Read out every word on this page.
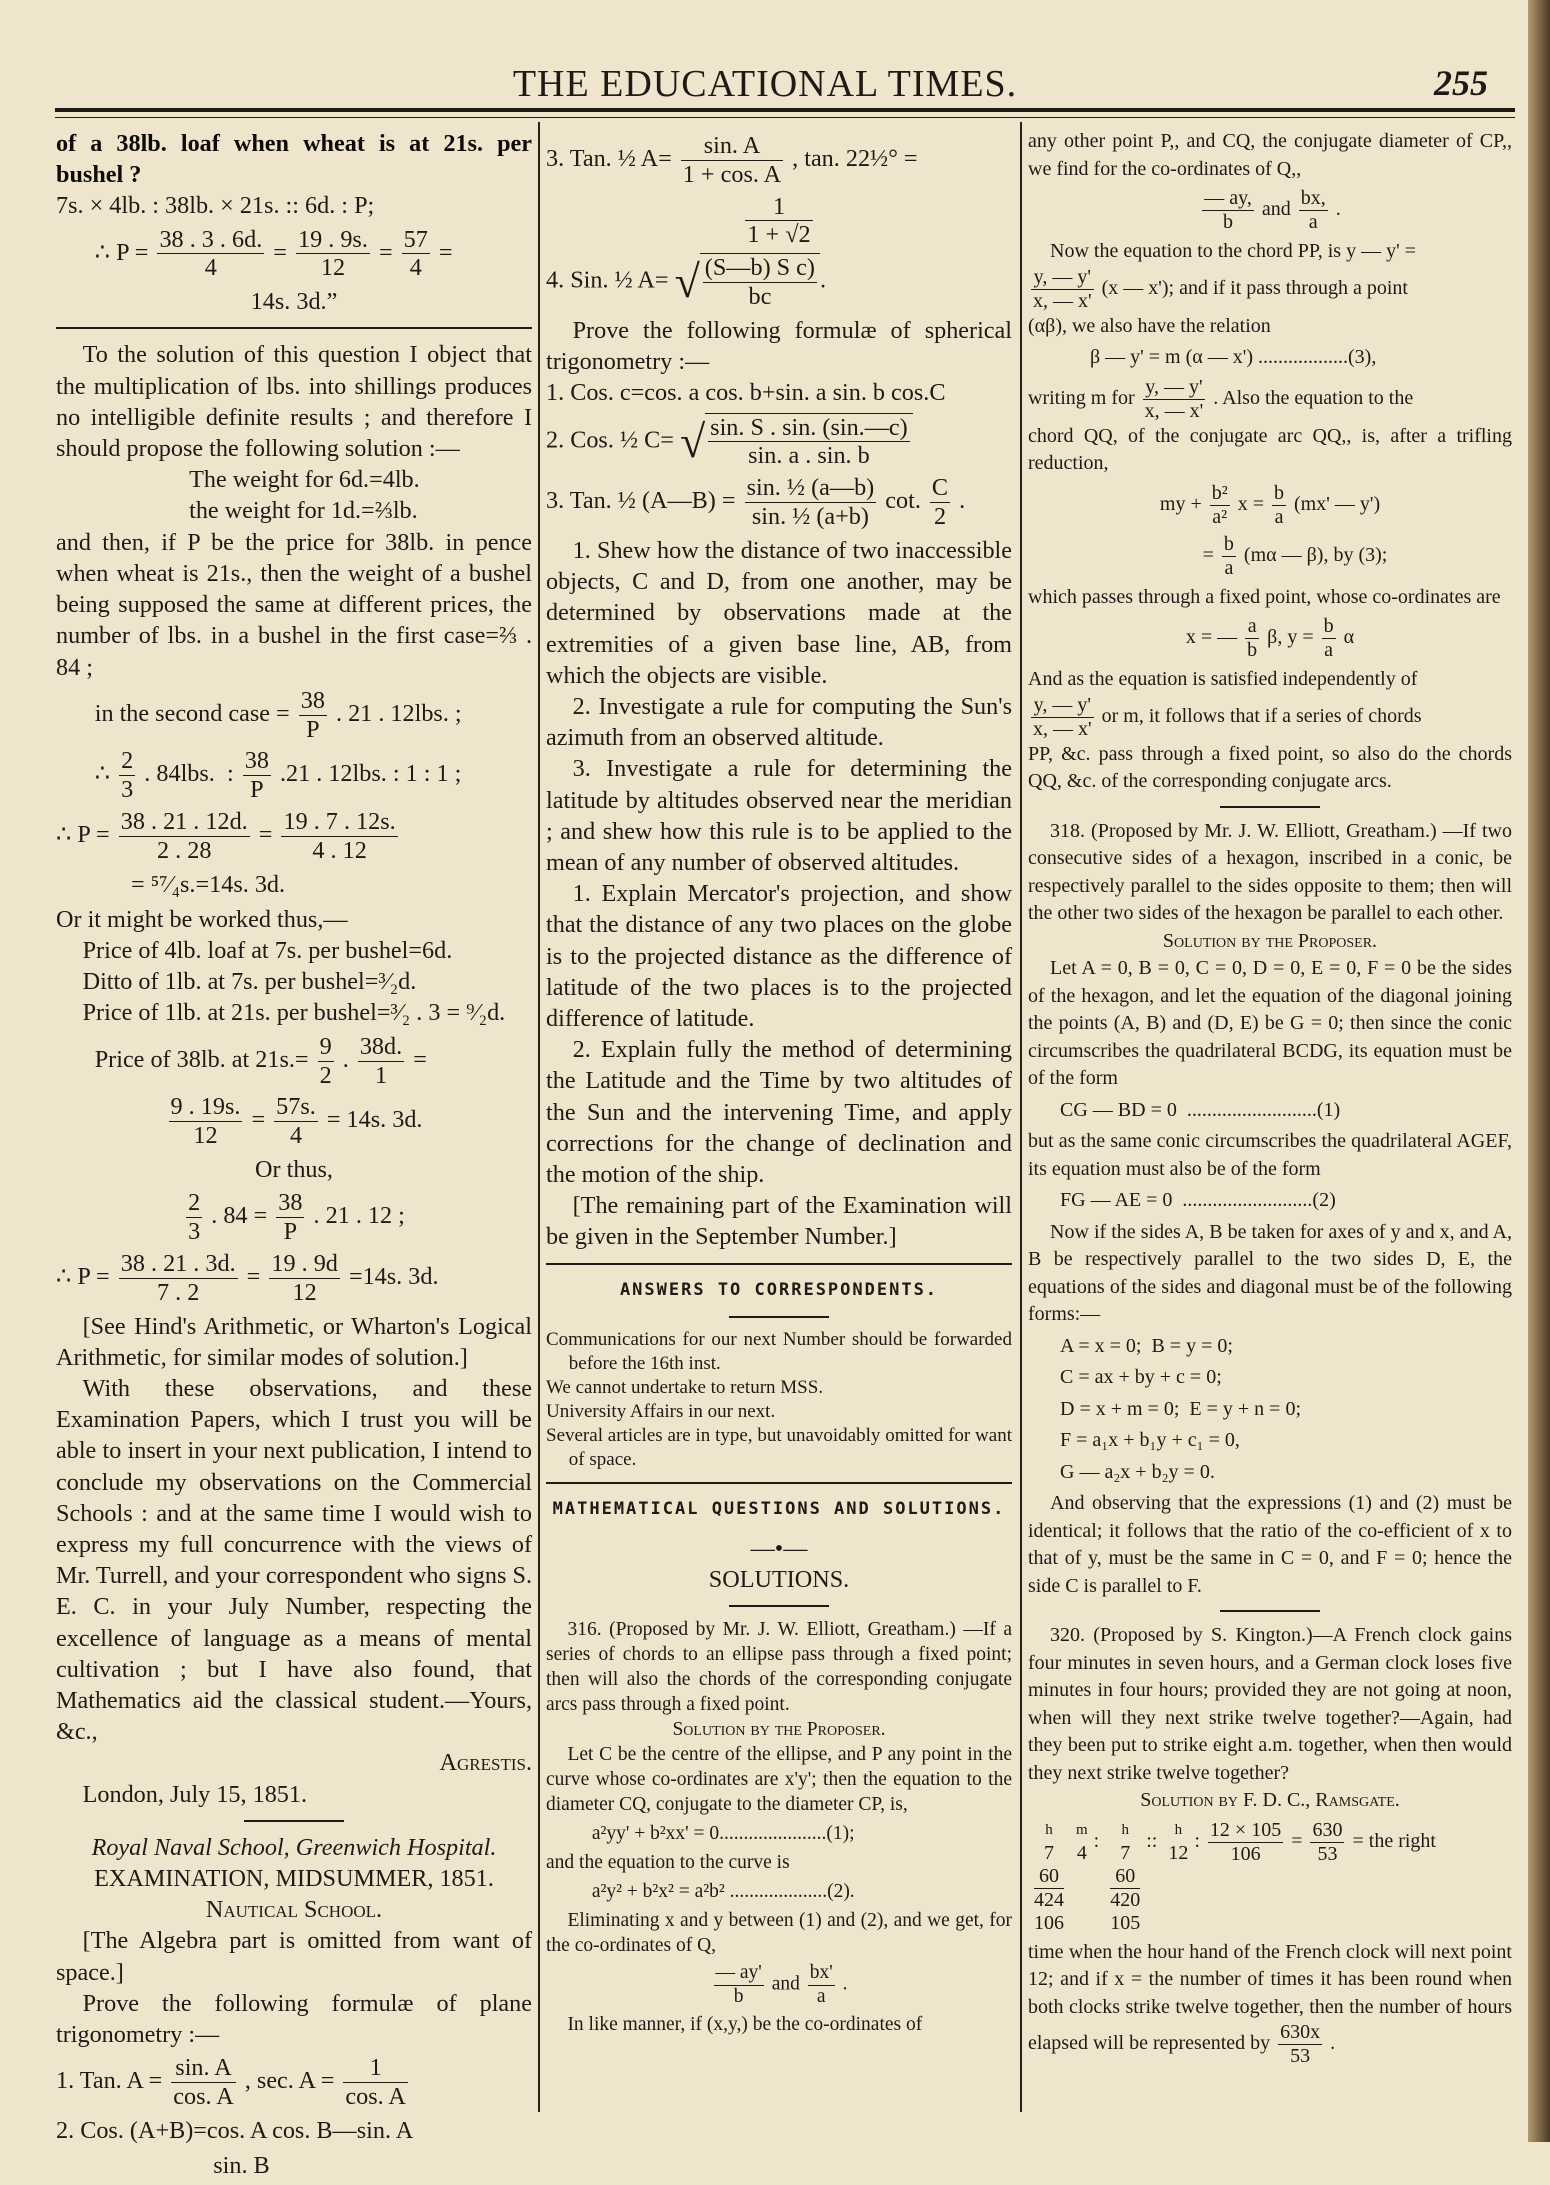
THE EDUCATIONAL TIMES.	255

of a 38lb. loaf when wheat is at 21s. per bushel ?

7s. × 4lb. : 38lb. × 21s. :: 6d. : P;

∴ $P = \frac{38 . 3 . 6d.}{4} = \frac{19 . 9s.}{12} = \frac{57}{4}$ =
14s. 3d.”

To the solution of this question I object that the multiplication of lbs. into shillings produces no intelligible definite results ; and therefore I should propose the following solution :—

The weight for 6d.=4lb.

the weight for 1d.=⅔lb.

and then, if P be the price for 38lb. in pence when wheat is 21s., then the weight of a bushel being supposed the same at different prices, the number of lbs. in a bushel in the first case=⅔ . 84 ;

in the second case = $\frac{38}{P}$ . 21 . 12lbs. ;
∴ $\frac{2}{3}$ . 84lbs.  : $\frac{38}{P} .21$ . 12lbs. : 1 : 1 ;
∴ $P = \frac{38 . 21 . 12d.}{2 . 28} = \frac{19 . 7 . 12s.}{4 . 12}$
= ⁵⁷⁄₄s.=14s. 3d.

Or it might be worked thus,—

Price of 4lb. loaf at 7s. per bushel=6d.

Ditto of 1lb. at 7s. per bushel=³⁄₂d.

Price of 1lb. at 21s. per bushel=³⁄₂ . 3 = ⁹⁄₂d.

Price of 38lb. at $21s.= \frac{9}{2}$ . $\frac{38d.}{1}$ =
$\frac{9 . 19s.}{12} = \frac{57s.}{4} = 14s$. 3d.
Or thus,
$\frac{2}{3}$ . $84 = \frac{38}{P}$ . 21 . 12 ;
∴ $P = \frac{38 . 21 . 3d.}{7 . 2} = \frac{19 . 9d}{12} =14s$. 3d.

[See Hind's Arithmetic, or Wharton's Logical Arithmetic, for similar modes of solution.]

With these observations, and these Examination Papers, which I trust you will be able to insert in your next publication, I intend to conclude my observations on the Commercial Schools : and at the same time I would wish to express my full concurrence with the views of Mr. Turrell, and your correspondent who signs S. E. C. in your July Number, respecting the excellence of language as a means of mental cultivation ; but I have also found, that Mathematics aid the classical student.—Yours, &c.,

Agrestis.

London, July 15, 1851.

Royal Naval School, Greenwich Hospital.
EXAMINATION, MIDSUMMER, 1851.
Nautical School.

[The Algebra part is omitted from want of space.]

Prove the following formulæ of plane trigonometry :—

1. Tan. $A = \frac{\sin. A}{\cos. A}$ , sec. $A = \frac{1}{\cos. A}$
2. Cos. (A+B)=cos. A cos. B—sin. A
sin. B
3. Tan. ½ $A= \frac{\sin. A}{1 + \cos. A}$ , tan. 22½° =
$\frac{1}{1 + √2}$
4. Sin. ½ A= √ $\frac{\text{(S—b) S c)}}{bc}$ .

Prove the following formulæ of spherical trigonometry :—

1. Cos. c=cos. a cos. b+sin. a sin. b cos.C

2. Cos. ½ C= √ $\frac{\sin. S . \sin. (\sin.—c)}{\sin. a . \sin. b}$
3. Tan. ½ (A—B) = $\frac{\text{sin. ½ (a—b)}}{\text{sin. ½ (a+b)}} \cot$. $\frac{C}{2}$ .

1. Shew how the distance of two inaccessible objects, C and D, from one another, may be determined by observations made at the extremities of a given base line, AB, from which the objects are visible.

2. Investigate a rule for computing the Sun's azimuth from an observed altitude.

3. Investigate a rule for determining the latitude by altitudes observed near the meridian ; and shew how this rule is to be applied to the mean of any number of observed altitudes.

1. Explain Mercator's projection, and show that the distance of any two places on the globe is to the projected distance as the difference of latitude of the two places is to the projected difference of latitude.

2. Explain fully the method of determining the Latitude and the Time by two altitudes of the Sun and the intervening Time, and apply corrections for the change of declination and the motion of the ship.

[The remaining part of the Examination will be given in the September Number.]

ANSWERS TO CORRESPONDENTS.

Communications for our next Number should be forwarded before the 16th inst.

We cannot undertake to return MSS.

University Affairs in our next.

Several articles are in type, but unavoidably omitted for want of space.

MATHEMATICAL QUESTIONS AND SOLUTIONS.
—•—
SOLUTIONS.

316. (Proposed by Mr. J. W. Elliott, Greatham.) —If a series of chords to an ellipse pass through a fixed point; then will also the chords of the corresponding conjugate arcs pass through a fixed point.

Solution by the Proposer.

Let C be the centre of the ellipse, and P any point in the curve whose co-ordinates are x'y'; then the equation to the diameter CQ, conjugate to the diameter CP, is,

a²yy' + b²xx' = 0......................(1);

and the equation to the curve is

a²y² + b²x² = a²b² ....................(2).

Eliminating x and y between (1) and (2), and we get, for the co-ordinates of Q,

$\frac{— ay'}{b}$ and $\frac{bx'}{a}$ .

In like manner, if (x,y,) be the co-ordinates of

any other point P,, and CQ, the conjugate diameter of CP,, we find for the co-ordinates of Q,,

$\frac{— ay,}{b}$ and $\frac{bx,}{a}$ .

Now the equation to the chord PP, is y — y' =

$\frac{y, — y'}{x, — x'} (x$ — x'); and if it pass through a point

(αβ), we also have the relation

β — y' = m (α — x') ..................(3),

writing m for $\frac{y, — y'}{x, — x'}$ . Also the equation to the

chord QQ, of the conjugate arc QQ,, is, after a trifling reduction,

my + $\frac{\text{b²}}{\text{a²}}$ $x = \frac{b}{a} (mx'$ — y')
= $\frac{b}{a} (m\alpha$ — β), by (3);

which passes through a fixed point, whose co-ordinates are

x = — $\frac{a}{b} \beta$, $y = \frac{b}{a}$ α

And as the equation is satisfied independently of

$\frac{y, — y'}{x, — x'}$ or m, it follows that if a series of chords

PP, &c. pass through a fixed point, so also do the chords QQ, &c. of the corresponding conjugate arcs.

318. (Proposed by Mr. J. W. Elliott, Greatham.) —If two consecutive sides of a hexagon, inscribed in a conic, be respectively parallel to the sides opposite to them; then will the other two sides of the hexagon be parallel to each other.

Solution by the Proposer.

Let A = 0, B = 0, C = 0, D = 0, E = 0, F = 0 be the sides of the hexagon, and let the equation of the diagonal joining the points (A, B) and (D, E) be G = 0; then since the conic circumscribes the quadrilateral BCDG, its equation must be of the form

CG — BD = 0  ..........................(1)

but as the same conic circumscribes the quadrilateral AGEF, its equation must also be of the form

FG — AE = 0  ..........................(2)

Now if the sides A, B be taken for axes of y and x, and A, B be respectively parallel to the two sides D, E, the equations of the sides and diagonal must be of the following forms:—

A = x = 0;  B = y = 0;
C = ax + by + c = 0;
D = x + m = 0;  E = y + n = 0;
F = a₁x + b₁y + c₁ = 0,
G — a₂x + b₂y = 0.

And observing that the expressions (1) and (2) must be identical; it follows that the ratio of the co-efficient of x to that of y, must be the same in C = 0, and F = 0; hence the side C is parallel to F.

320. (Proposed by S. Kington.)—A French clock gains four minutes in seven hours, and a German clock loses five minutes in four hours; provided they are not going at noon, when will they next strike twelve together?—Again, had they been put to strike eight a.m. together, when then would they next strike twelve together?

Solution by F. D. C., Ramsgate.
h
7
60
424
106
m
4
:
h
7
60
420
105
::
h
12
: $\frac{12 \times 105}{106} = \frac{630}{53}$ = the right

time when the hour hand of the French clock will next point 12; and if x = the number of times it has been round when both clocks strike twelve together, then the number of hours elapsed will be represented by $\frac{630x}{53}$ .
